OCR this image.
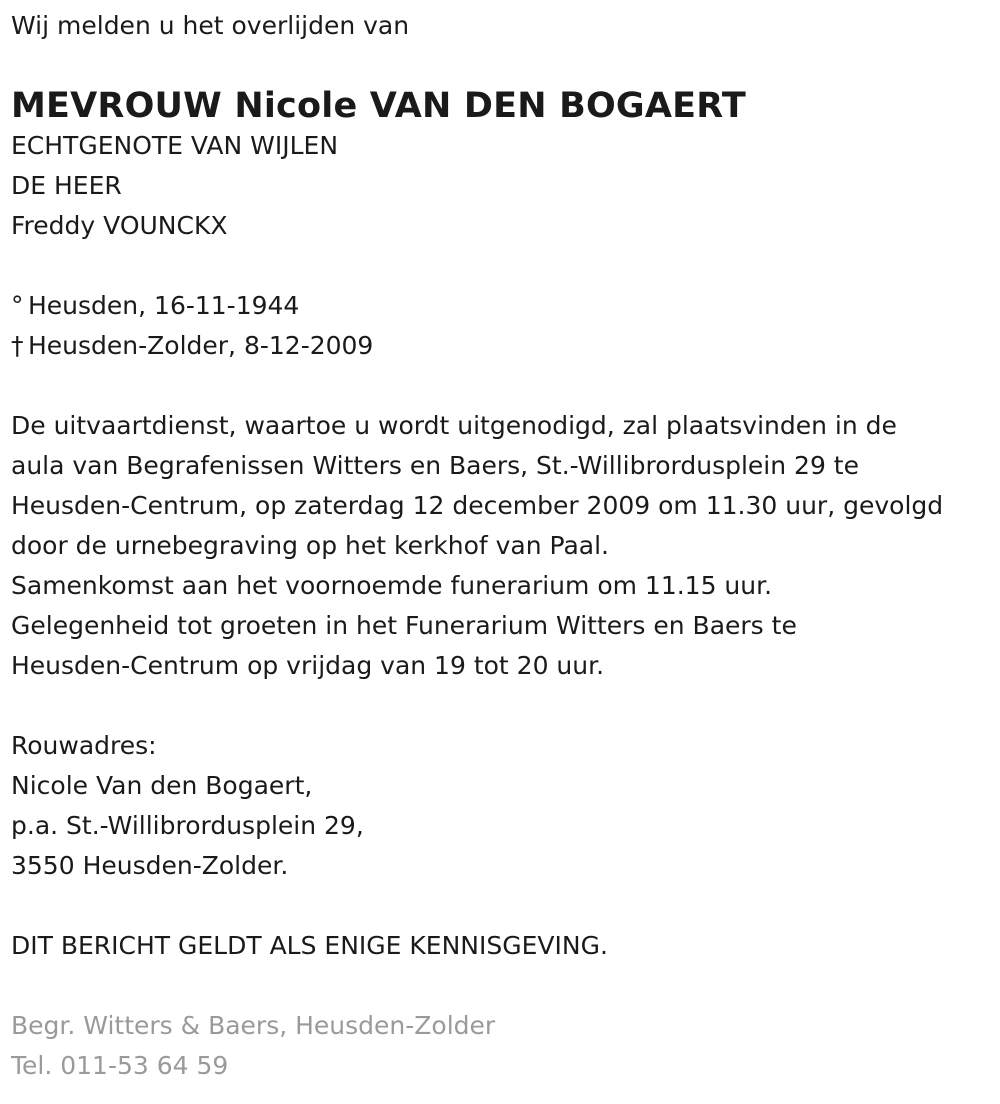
Wij melden u het overlijden van
MEVROUW Nicole VAN DEN BOGAERT
ECHTGENOTE VAN WIJLEN
DE HEER
Freddy VOUNCKX
° Heusden, 16-11-1944
† Heusden-Zolder, 8-12-2009
De uitvaartdienst, waartoe u wordt uitgenodigd, zal plaatsvinden in de
aula van Begrafenissen Witters en Baers, St.-Willibrordusplein 29 te
Heusden-Centrum, op zaterdag 12 december 2009 om 11.30 uur, gevolgd
door de urnebegraving op het kerkhof van Paal.
Samenkomst aan het voornoemde funerarium om 11.15 uur.
Gelegenheid tot groeten in het Funerarium Witters en Baers te
Heusden-Centrum op vrijdag van 19 tot 20 uur.
Rouwadres:
Nicole Van den Bogaert,
p.a. St.-Willibrordusplein 29,
3550 Heusden-Zolder.
DIT BERICHT GELDT ALS ENIGE KENNISGEVING.
Begr. Witters & Baers, Heusden-Zolder
Tel. 011-53 64 59
